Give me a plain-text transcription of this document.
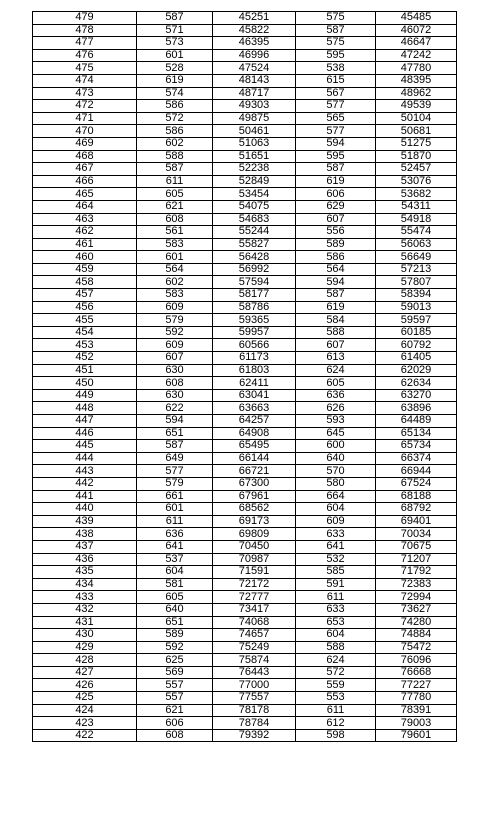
479	587	45251	575	45485
478	571	45822	587	46072
477	573	46395	575	46647
476	601	46996	595	47242
475	528	47524	538	47780
474	619	48143	615	48395
473	574	48717	567	48962
472	586	49303	577	49539
471	572	49875	565	50104
470	586	50461	577	50681
469	602	51063	594	51275
468	588	51651	595	51870
467	587	52238	587	52457
466	611	52849	619	53076
465	605	53454	606	53682
464	621	54075	629	54311
463	608	54683	607	54918
462	561	55244	556	55474
461	583	55827	589	56063
460	601	56428	586	56649
459	564	56992	564	57213
458	602	57594	594	57807
457	583	58177	587	58394
456	609	58786	619	59013
455	579	59365	584	59597
454	592	59957	588	60185
453	609	60566	607	60792
452	607	61173	613	61405
451	630	61803	624	62029
450	608	62411	605	62634
449	630	63041	636	63270
448	622	63663	626	63896
447	594	64257	593	64489
446	651	64908	645	65134
445	587	65495	600	65734
444	649	66144	640	66374
443	577	66721	570	66944
442	579	67300	580	67524
441	661	67961	664	68188
440	601	68562	604	68792
439	611	69173	609	69401
438	636	69809	633	70034
437	641	70450	641	70675
436	537	70987	532	71207
435	604	71591	585	71792
434	581	72172	591	72383
433	605	72777	611	72994
432	640	73417	633	73627
431	651	74068	653	74280
430	589	74657	604	74884
429	592	75249	588	75472
428	625	75874	624	76096
427	569	76443	572	76668
426	557	77000	559	77227
425	557	77557	553	77780
424	621	78178	611	78391
423	606	78784	612	79003
422	608	79392	598	79601
